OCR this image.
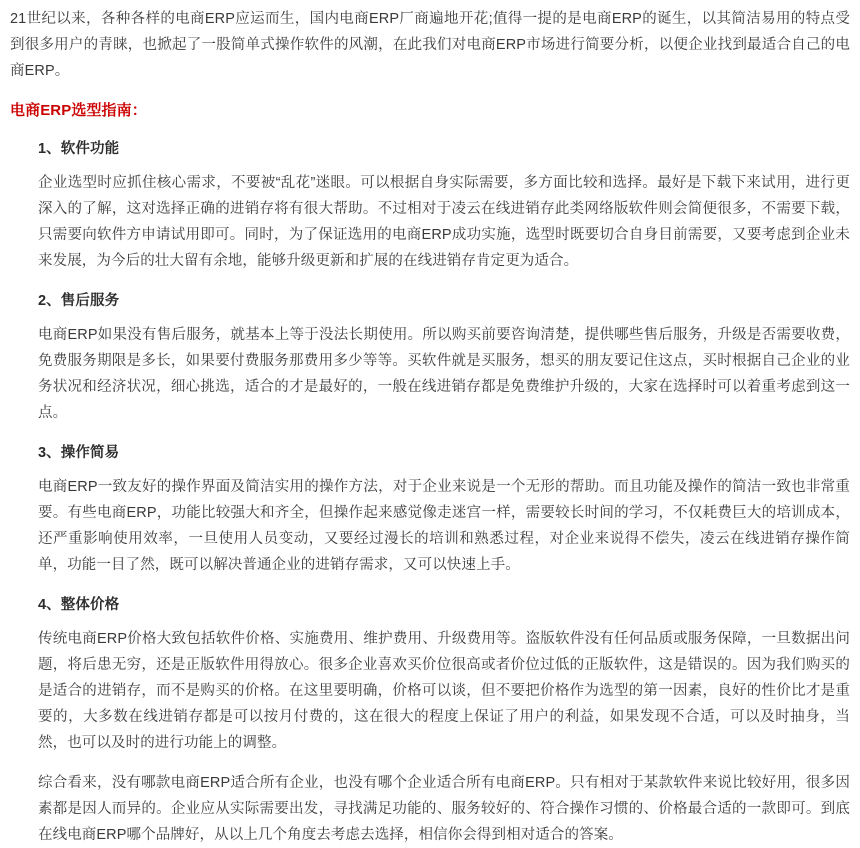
21世纪以来，各种各样的电商ERP应运而生，国内电商ERP厂商遍地开花;值得一提的是电商ERP的诞生，以其简洁易用的特点受到很多用户的青睐，也掀起了一股简单式操作软件的风潮，在此我们对电商ERP市场进行简要分析，以便企业找到最适合自己的电商ERP。

电商ERP选型指南：

1、软件功能

企业选型时应抓住核心需求，不要被“乱花”迷眼。可以根据自身实际需要，多方面比较和选择。最好是下载下来试用，进行更深入的了解，这对选择正确的进销存将有很大帮助。不过相对于凌云在线进销存此类网络版软件则会简便很多，不需要下载，只需要向软件方申请试用即可。同时，为了保证选用的电商ERP成功实施，选型时既要切合自身目前需要，又要考虑到企业未来发展，为今后的壮大留有余地，能够升级更新和扩展的在线进销存肯定更为适合。

2、售后服务

电商ERP如果没有售后服务，就基本上等于没法长期使用。所以购买前要咨询清楚，提供哪些售后服务，升级是否需要收费，免费服务期限是多长，如果要付费服务那费用多少等等。买软件就是买服务，想买的朋友要记住这点，买时根据自己企业的业务状况和经济状况，细心挑选，适合的才是最好的，一般在线进销存都是免费维护升级的，大家在选择时可以着重考虑到这一点。

3、操作简易

电商ERP一致友好的操作界面及简洁实用的操作方法，对于企业来说是一个无形的帮助。而且功能及操作的简洁一致也非常重要。有些电商ERP，功能比较强大和齐全，但操作起来感觉像走迷宫一样，需要较长时间的学习，不仅耗费巨大的培训成本，还严重影响使用效率，一旦使用人员变动，又要经过漫长的培训和熟悉过程，对企业来说得不偿失，凌云在线进销存操作简单，功能一目了然，既可以解决普通企业的进销存需求，又可以快速上手。

4、整体价格

传统电商ERP价格大致包括软件价格、实施费用、维护费用、升级费用等。盗版软件没有任何品质或服务保障，一旦数据出问题，将后患无穷，还是正版软件用得放心。很多企业喜欢买价位很高或者价位过低的正版软件，这是错误的。因为我们购买的是适合的进销存，而不是购买的价格。在这里要明确，价格可以谈，但不要把价格作为选型的第一因素，良好的性价比才是重要的，大多数在线进销存都是可以按月付费的，这在很大的程度上保证了用户的利益，如果发现不合适，可以及时抽身，当然，也可以及时的进行功能上的调整。

综合看来，没有哪款电商ERP适合所有企业，也没有哪个企业适合所有电商ERP。只有相对于某款软件来说比较好用，很多因素都是因人而异的。企业应从实际需要出发，寻找满足功能的、服务较好的、符合操作习惯的、价格最合适的一款即可。到底在线电商ERP哪个品牌好，从以上几个角度去考虑去选择，相信你会得到相对适合的答案。
